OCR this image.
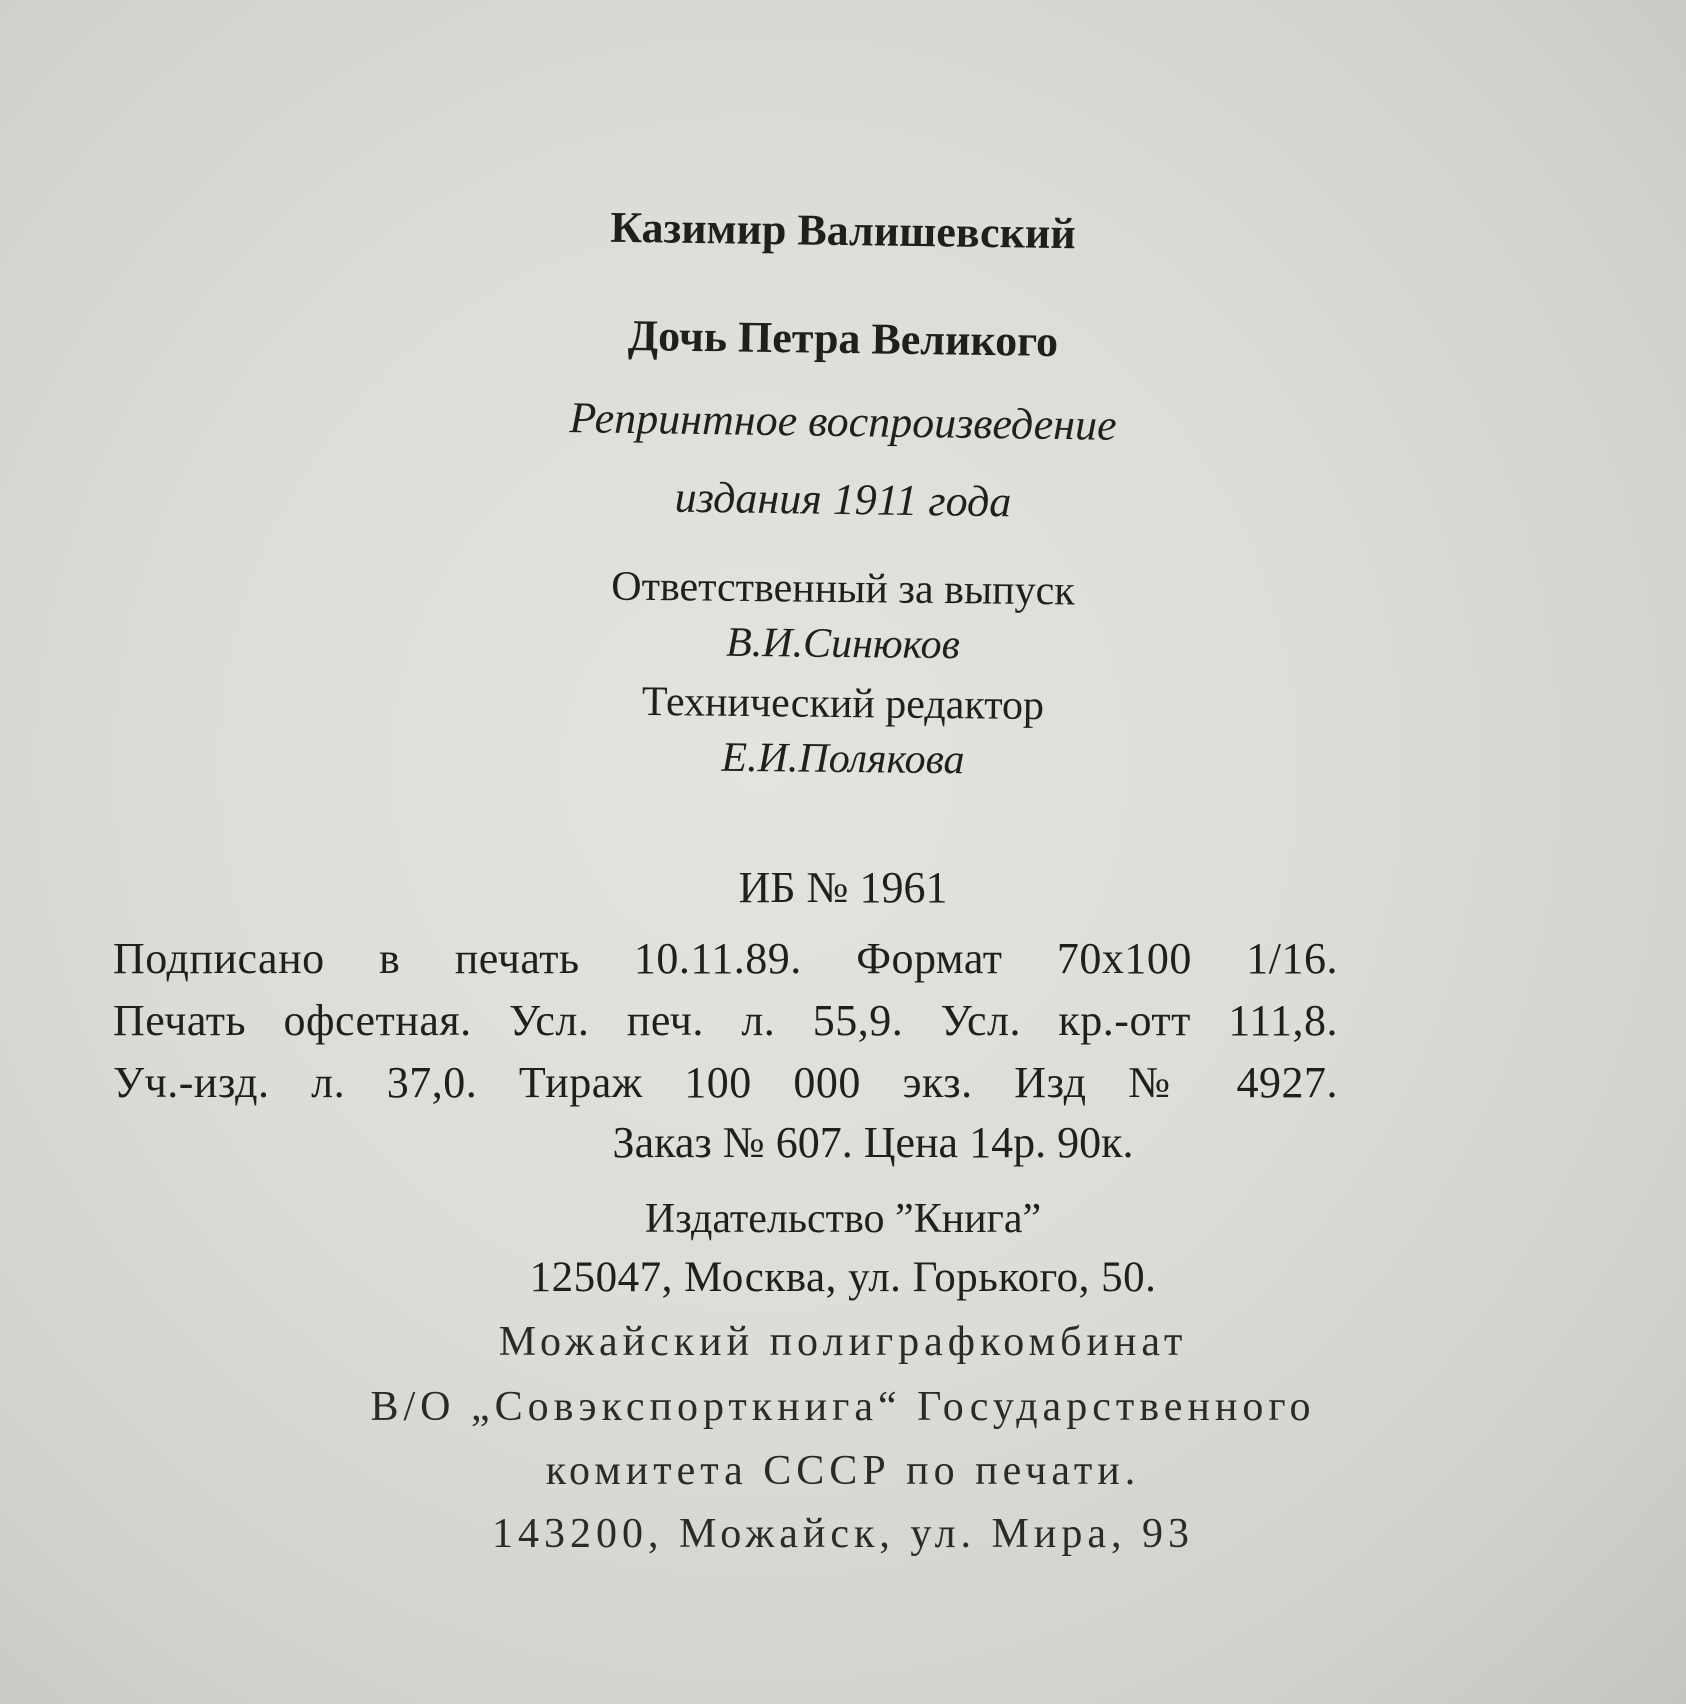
Казимир Валишевский
Дочь Петра Великого
Репринтное воспроизведение
издания 1911 года
Ответственный за выпуск
В.И.Синюков
Технический редактор
Е.И.Полякова
ИБ № 1961
Подписано в печать 10.11.89. Формат 70x100 1/16.
Печать офсетная. Усл. печ. л. 55,9. Усл. кр.-отт 111,8.
Уч.-изд. л. 37,0. Тираж 100 000 экз. Изд № 4927.
Заказ № 607. Цена 14р. 90к.
Издательство ”Книга”
125047, Москва, ул. Горького, 50.
Можайский полиграфкомбинат
В/О „Совэкспорткнига“ Государственного
комитета СССР по печати.
143200, Можайск, ул. Мира, 93
